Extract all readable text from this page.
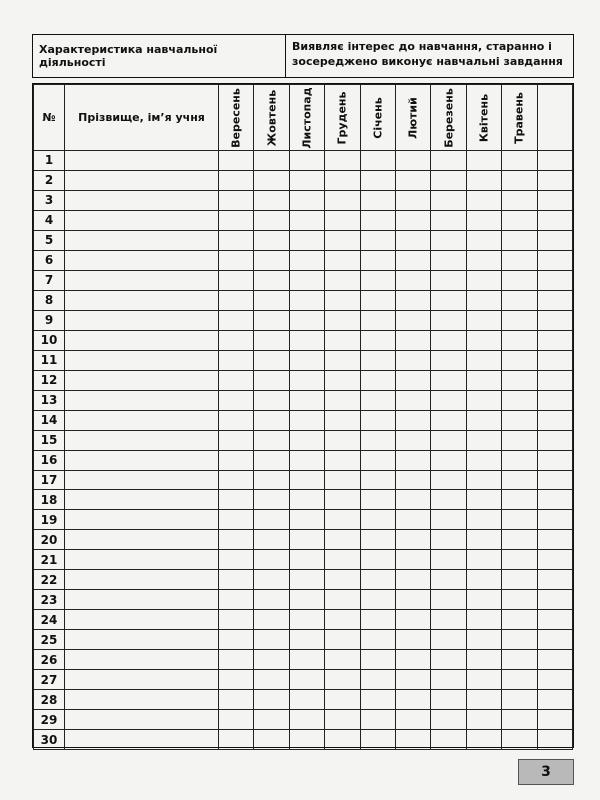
Характеристика навчальної діяльності
Виявляє інтерес до навчання, старанно і зосереджено виконує навчальні завдання
№	Прізвище, ім’я учня	Вересень	Жовтень	Листопад	Грудень	Січень	Лютий	Березень	Квітень	Травень	

1											
2											
3											
4											
5											
6											
7											
8											
9											
10											
11											
12											
13											
14											
15											
16											
17											
18											
19											
20											
21											
22											
23											
24											
25											
26											
27											
28											
29											
30											
3
